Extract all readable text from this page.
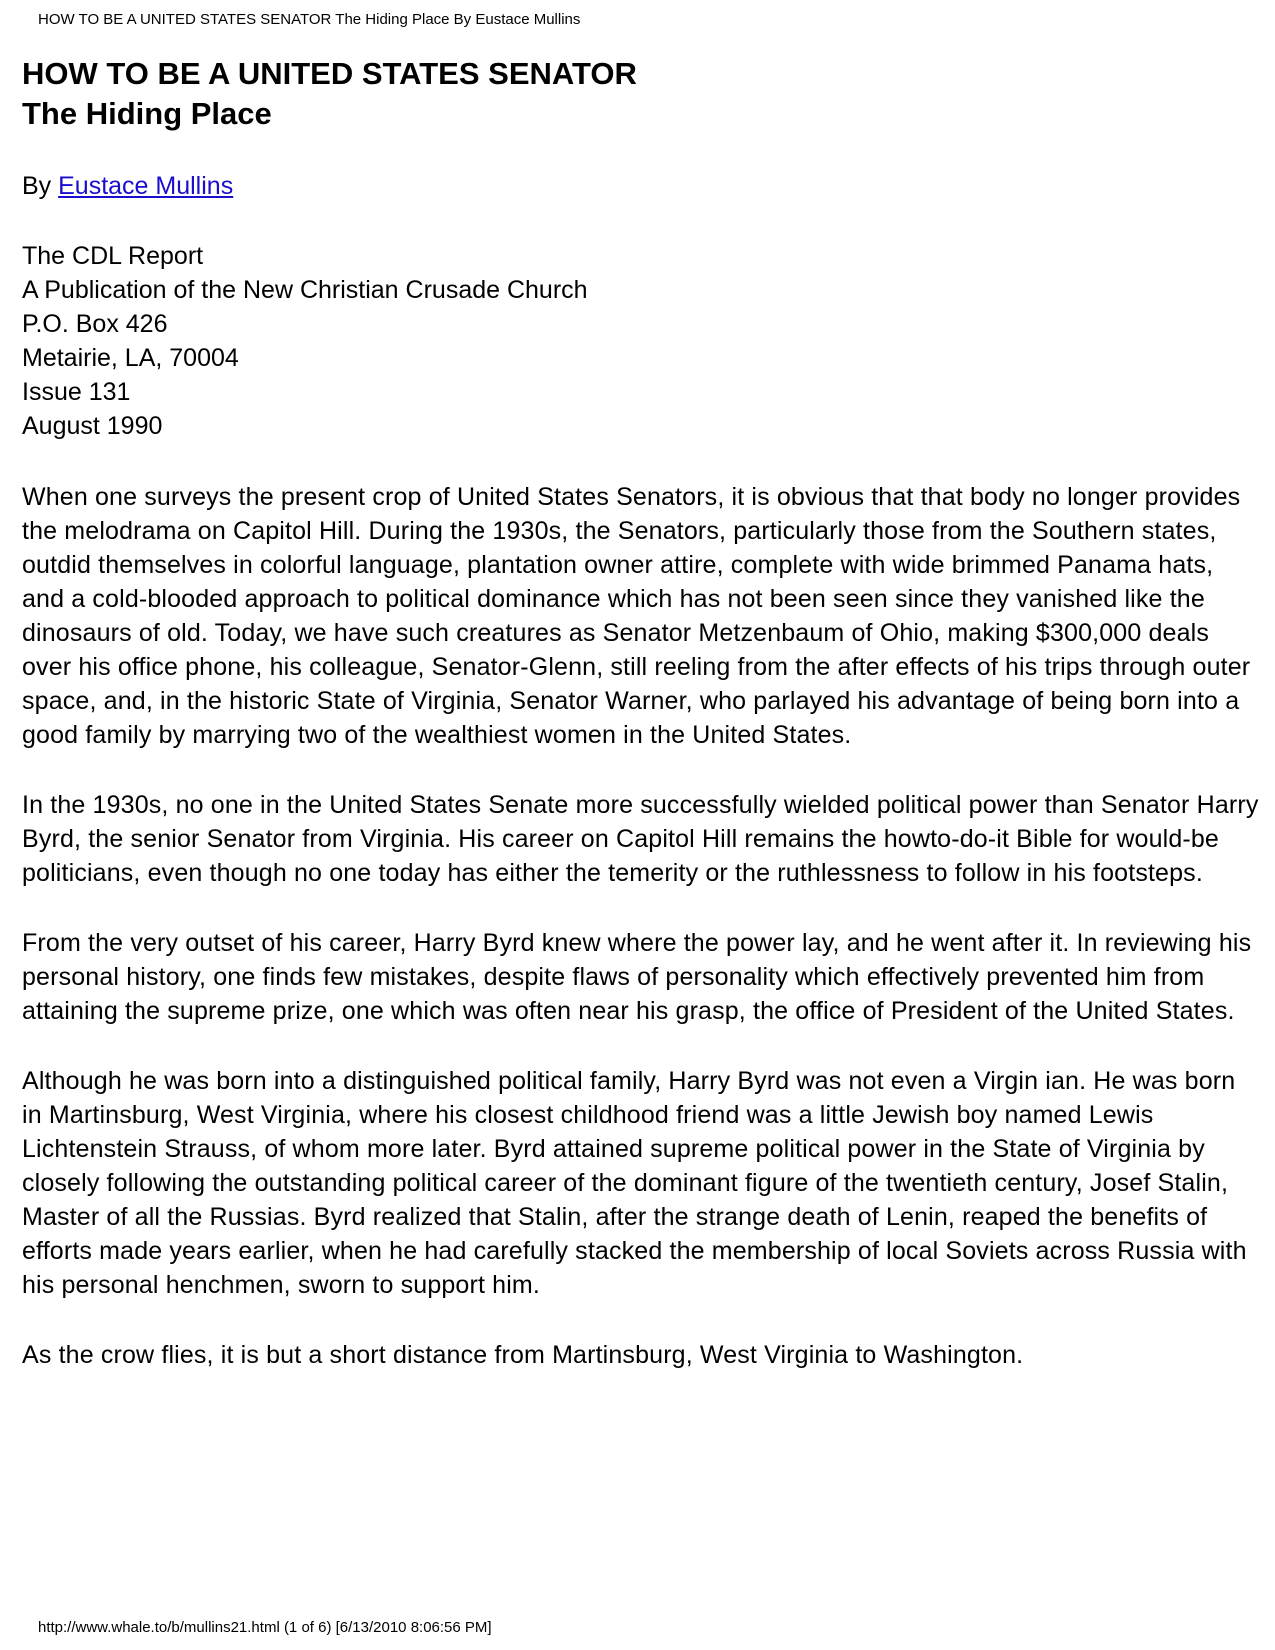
HOW TO BE A UNITED STATES SENATOR The Hiding Place By Eustace Mullins
HOW TO BE A UNITED STATES SENATOR
The Hiding Place

By Eustace Mullins

The CDL Report
A Publication of the New Christian Crusade Church
P.O. Box 426
Metairie, LA, 70004
Issue 131
August 1990

When one surveys the present crop of United States Senators, it is obvious that that body no longer provides the melodrama on Capitol Hill. During the 1930s, the Senators, particularly those from the Southern states, outdid themselves in colorful language, plantation owner attire, complete with wide brimmed Panama hats, and a cold-blooded approach to political dominance which has not been seen since they vanished like the dinosaurs of old. Today, we have such creatures as Senator Metzenbaum of Ohio, making $300,000 deals over his office phone, his colleague, Senator-Glenn, still reeling from the after effects of his trips through outer space, and, in the historic State of Virginia, Senator Warner, who parlayed his advantage of being born into a good family by marrying two of the wealthiest women in the United States.

In the 1930s, no one in the United States Senate more successfully wielded political power than Senator Harry Byrd, the senior Senator from Virginia. His career on Capitol Hill remains the howto-do-it Bible for would-be politicians, even though no one today has either the temerity or the ruthlessness to follow in his footsteps.

From the very outset of his career, Harry Byrd knew where the power lay, and he went after it. In reviewing his personal history, one finds few mistakes, despite flaws of personality which effectively prevented him from attaining the supreme prize, one which was often near his grasp, the office of President of the United States.

Although he was born into a distinguished political family, Harry Byrd was not even a Virgin ian. He was born in Martinsburg, West Virginia, where his closest childhood friend was a little Jewish boy named Lewis Lichtenstein Strauss, of whom more later. Byrd attained supreme political power in the State of Virginia by closely following the outstanding political career of the dominant figure of the twentieth century, Josef Stalin, Master of all the Russias. Byrd realized that Stalin, after the strange death of Lenin, reaped the benefits of efforts made years earlier, when he had carefully stacked the membership of local Soviets across Russia with his personal henchmen, sworn to support him.

As the crow flies, it is but a short distance from Martinsburg, West Virginia to Washington.

http://www.whale.to/b/mullins21.html (1 of 6) [6/13/2010 8:06:56 PM]
